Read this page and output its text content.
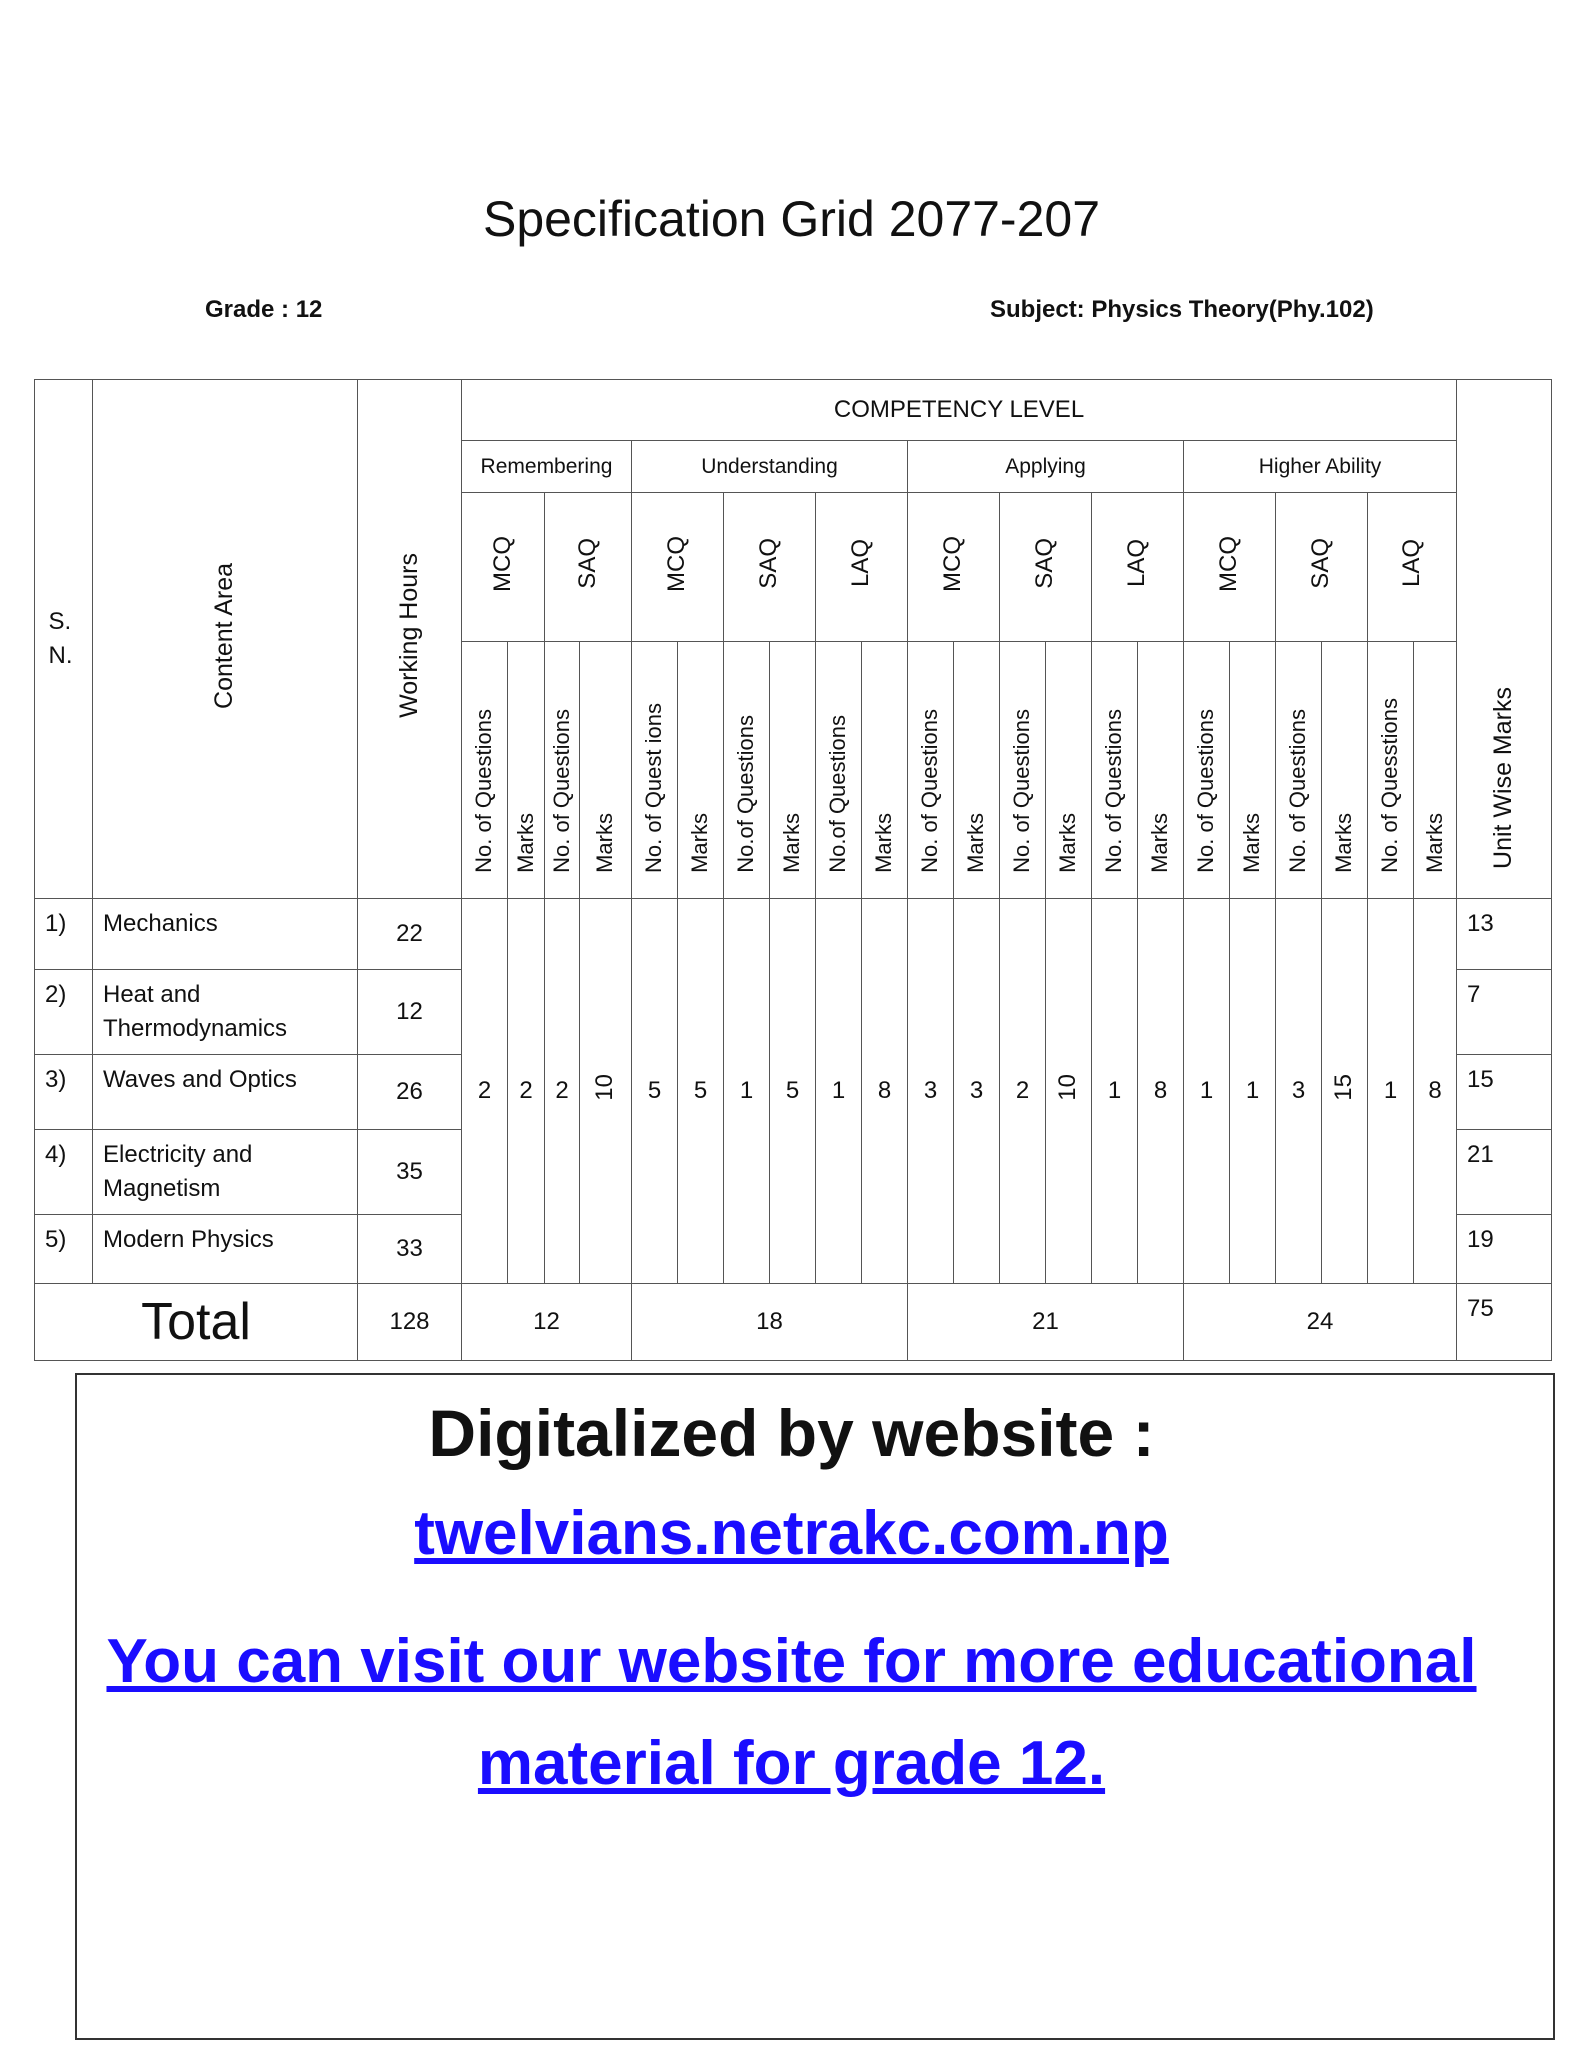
Specification Grid 2077-207
Grade : 12	Subject: Physics Theory(Phy.102)
S. N.	Content Area	Working Hours	COMPETENCY LEVEL																						Unit Wise Marks
			Remembering				Understanding						Applying						Higher Ability						
			MCQ		SAQ		MCQ		SAQ		LAQ		MCQ		SAQ		LAQ		MCQ		SAQ		LAQ		
			No. of Questions	Marks	No. of Questions	Marks	No. of Quest ions	Marks	No.of Questions	Marks	No.of Questions	Marks	No. of Questions	Marks	No. of Questions	Marks	No. of Questions	Marks	No. of Questions	Marks	No. of Questions	Marks	No. of Quesstions	Marks	
1)	Mechanics	22	2	2	2	10	5	5	1	5	1	8	3	3	2	10	1	8	1	1	3	15	1	8	13
2)	Heat and Thermodynamics	12																							7
3)	Waves and Optics	26																							15
4)	Electricity and Magnetism	35																							21
5)	Modern Physics	33																							19
Total		128	12				18						21						24						75
Digitalized by website :
twelvians.netrakc.com.np
You can visit our website for more educational
material for grade 12.
